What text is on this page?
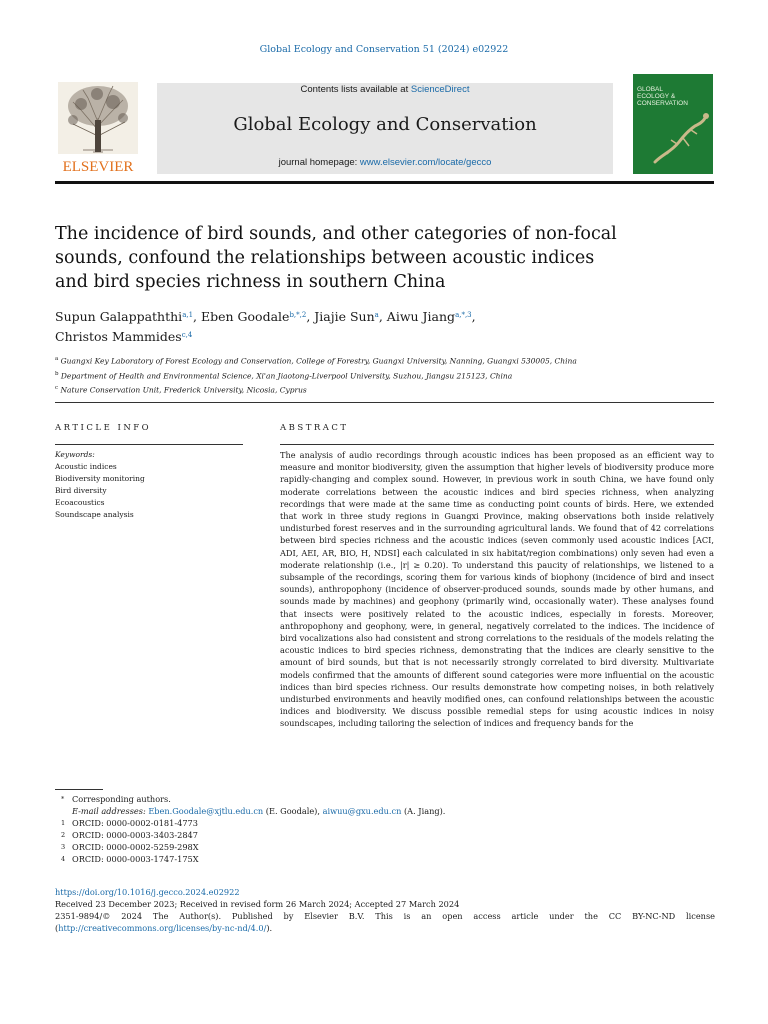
Global Ecology and Conservation 51 (2024) e02922
ELSEVIER
Contents lists available at ScienceDirect
Global Ecology and Conservation
journal homepage: www.elsevier.com/locate/gecco
GLOBAL
ECOLOGY &
CONSERVATION
The incidence of bird sounds, and other categories of non-focal sounds, confound the relationships between acoustic indices and bird species richness in southern China
Supun Galappaththi$^{a,1}$, Eben Goodale$^{b,*,2}$, Jiajie Sun$^a$, Aiwu Jiang$^{a,*,3}$,
Christos Mammides$^{c,4}$
$^a$ Guangxi Key Laboratory of Forest Ecology and Conservation, College of Forestry, Guangxi University, Nanning, Guangxi 530005, China
$^b$ Department of Health and Environmental Science, Xi'an Jiaotong-Liverpool University, Suzhou, Jiangsu 215123, China
$^c$ Nature Conservation Unit, Frederick University, Nicosia, Cyprus
ARTICLE INFO
Keywords:
Acoustic indices
Biodiversity monitoring
Bird diversity
Ecoacoustics
Soundscape analysis
ABSTRACT
The analysis of audio recordings through acoustic indices has been proposed as an efficient way to measure and monitor biodiversity, given the assumption that higher levels of biodiversity produce more rapidly-changing and complex sound. However, in previous work in south China, we have found only moderate correlations between the acoustic indices and bird species richness, when analyzing recordings that were made at the same time as conducting point counts of birds. Here, we extended that work in three study regions in Guangxi Province, making observations both inside relatively undisturbed forest reserves and in the surrounding agricultural lands. We found that of 42 correlations between bird species richness and the acoustic indices (seven commonly used acoustic indices [ACI, ADI, AEI, AR, BIO, H, NDSI] each calculated in six habitat/region combinations) only seven had even a moderate relationship (i.e., |r| ≥ 0.20). To understand this paucity of relationships, we listened to a subsample of the recordings, scoring them for various kinds of biophony (incidence of bird and insect sounds), anthropophony (incidence of observer-produced sounds, sounds made by other humans, and sounds made by machines) and geophony (primarily wind, occasionally water). These analyses found that insects were positively related to the acoustic indices, especially in forests. Moreover, anthropophony and geophony, were, in general, negatively correlated to the indices. The incidence of bird vocalizations also had consistent and strong correlations to the residuals of the models relating the acoustic indices to bird species richness, demonstrating that the indices are clearly sensitive to the amount of bird sounds, but that is not necessarily strongly correlated to bird diversity. Multivariate models confirmed that the amounts of different sound categories were more influential on the acoustic indices than bird species richness. Our results demonstrate how competing noises, in both relatively undisturbed environments and heavily modified ones, can confound relationships between the acoustic indices and biodiversity. We discuss possible remedial steps for using acoustic indices in noisy soundscapes, including tailoring the selection of indices and frequency bands for the
* Corresponding authors.
E-mail addresses: Eben.Goodale@xjtlu.edu.cn (E. Goodale), aiwuu@gxu.edu.cn (A. Jiang).
1 ORCID: 0000-0002-0181-4773
2 ORCID: 0000-0003-3403-2847
3 ORCID: 0000-0002-5259-298X
4 ORCID: 0000-0003-1747-175X
https://doi.org/10.1016/j.gecco.2024.e02922
Received 23 December 2023; Received in revised form 26 March 2024; Accepted 27 March 2024
2351-9894/© 2024 The Author(s). Published by Elsevier B.V. This is an open access article under the CC BY-NC-ND license
(http://creativecommons.org/licenses/by-nc-nd/4.0/).
